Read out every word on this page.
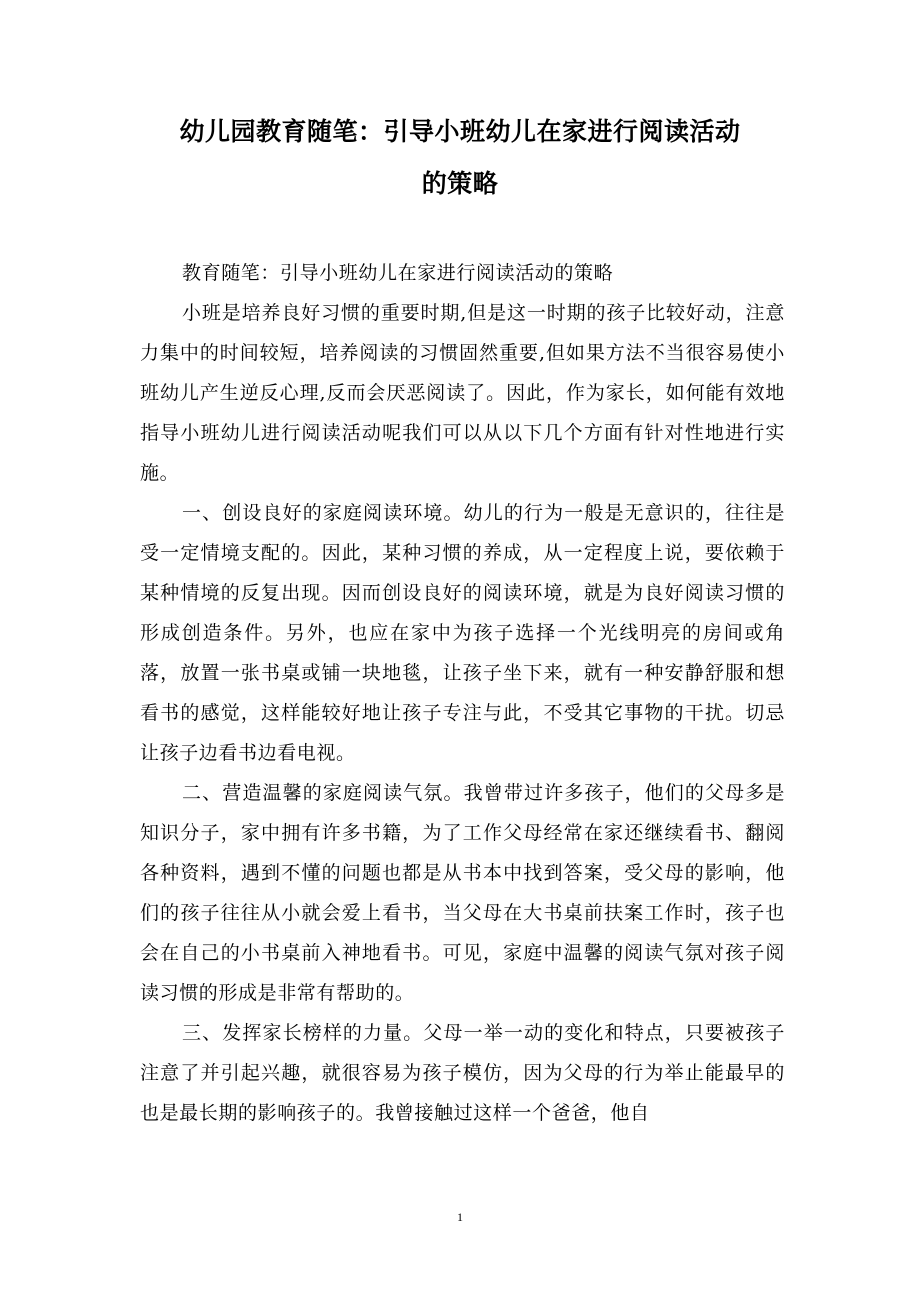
幼儿园教育随笔：引导小班幼儿在家进行阅读活动
的策略

教育随笔：引导小班幼儿在家进行阅读活动的策略

小班是培养良好习惯的重要时期,但是这一时期的孩子比较好动，注意力集中的时间较短，培养阅读的习惯固然重要,但如果方法不当很容易使小班幼儿产生逆反心理,反而会厌恶阅读了。因此，作为家长，如何能有效地指导小班幼儿进行阅读活动呢我们可以从以下几个方面有针对性地进行实施。

一、创设良好的家庭阅读环境。幼儿的行为一般是无意识的，往往是受一定情境支配的。因此，某种习惯的养成，从一定程度上说，要依赖于某种情境的反复出现。因而创设良好的阅读环境，就是为良好阅读习惯的形成创造条件。另外，也应在家中为孩子选择一个光线明亮的房间或角落，放置一张书桌或铺一块地毯，让孩子坐下来，就有一种安静舒服和想看书的感觉，这样能较好地让孩子专注与此，不受其它事物的干扰。切忌让孩子边看书边看电视。

二、营造温馨的家庭阅读气氛。我曾带过许多孩子，他们的父母多是知识分子，家中拥有许多书籍，为了工作父母经常在家还继续看书、翻阅各种资料，遇到不懂的问题也都是从书本中找到答案，受父母的影响，他们的孩子往往从小就会爱上看书，当父母在大书桌前扶案工作时，孩子也会在自己的小书桌前入神地看书。可见，家庭中温馨的阅读气氛对孩子阅读习惯的形成是非常有帮助的。

三、发挥家长榜样的力量。父母一举一动的变化和特点，只要被孩子注意了并引起兴趣，就很容易为孩子模仿，因为父母的行为举止能最早的也是最长期的影响孩子的。我曾接触过这样一个爸爸，他自

1
